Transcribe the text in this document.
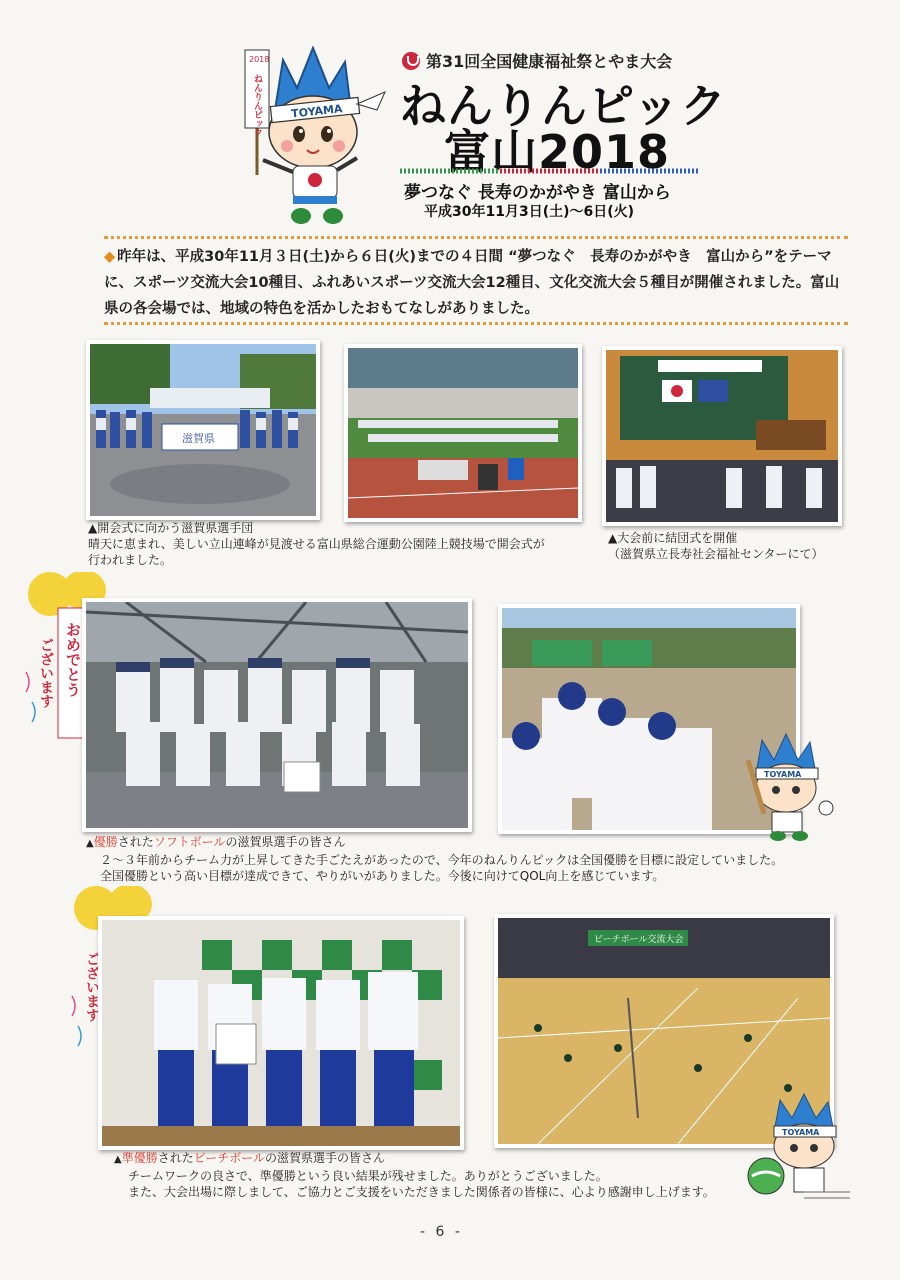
2018
ねんりんピック	TOYAMA
第31回全国健康福祉祭とやま大会
ねんりんピック
富山2018
夢つなぐ 長寿のかがやき 富山から
平成30年11月3日(土)～6日(火)
◆ 昨年は、平成30年11月３日(土)から６日(火)までの４日間 “夢つなぐ　長寿のかがやき　富山から”をテーマに、スポーツ交流大会10種目、ふれあいスポーツ交流大会12種目、文化交流大会５種目が開催されました。富山県の各会場では、地域の特色を活かしたおもてなしがありました。
滋賀県
▲開会式に向かう滋賀県選手団
晴天に恵まれ、美しい立山連峰が見渡せる富山県総合運動公園陸上競技場で開会式が
行われました。
▲大会前に結団式を開催
（滋賀県立長寿社会福祉センターにて）
おめでとう
ございます
TOYAMA
▲優勝されたソフトボールの滋賀県選手の皆さん
２～３年前からチーム力が上昇してきた手ごたえがあったので、今年のねんりんピックは全国優勝を目標に設定していました。
全国優勝という高い目標が達成できて、やりがいがありました。今後に向けてQOL向上を感じています。
ございます
ビーチボール交流大会
TOYAMA
▲準優勝されたビーチボールの滋賀県選手の皆さん
チームワークの良さで、準優勝という良い結果が残せました。ありがとうございました。
また、大会出場に際しまして、ご協力とご支援をいただきました関係者の皆様に、心より感謝申し上げます。
- 6 -
